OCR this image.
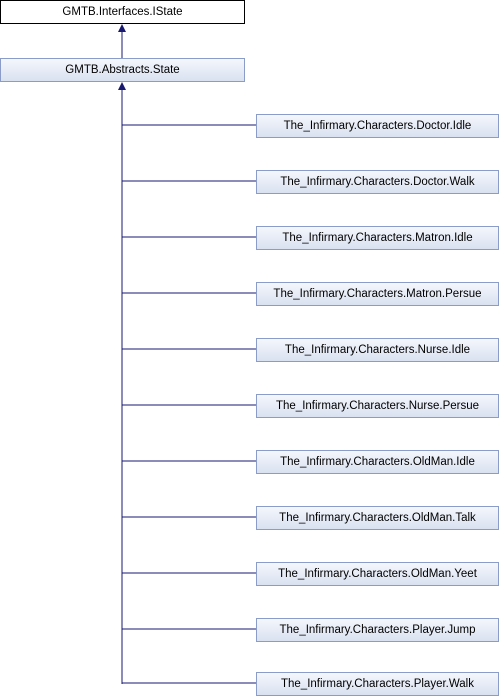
GMTB.Interfaces.IState
GMTB.Abstracts.State
The_Infirmary.Characters.Doctor.Idle
The_Infirmary.Characters.Doctor.Walk
The_Infirmary.Characters.Matron.Idle
The_Infirmary.Characters.Matron.Persue
The_Infirmary.Characters.Nurse.Idle
The_Infirmary.Characters.Nurse.Persue
The_Infirmary.Characters.OldMan.Idle
The_Infirmary.Characters.OldMan.Talk
The_Infirmary.Characters.OldMan.Yeet
The_Infirmary.Characters.Player.Jump
The_Infirmary.Characters.Player.Walk
